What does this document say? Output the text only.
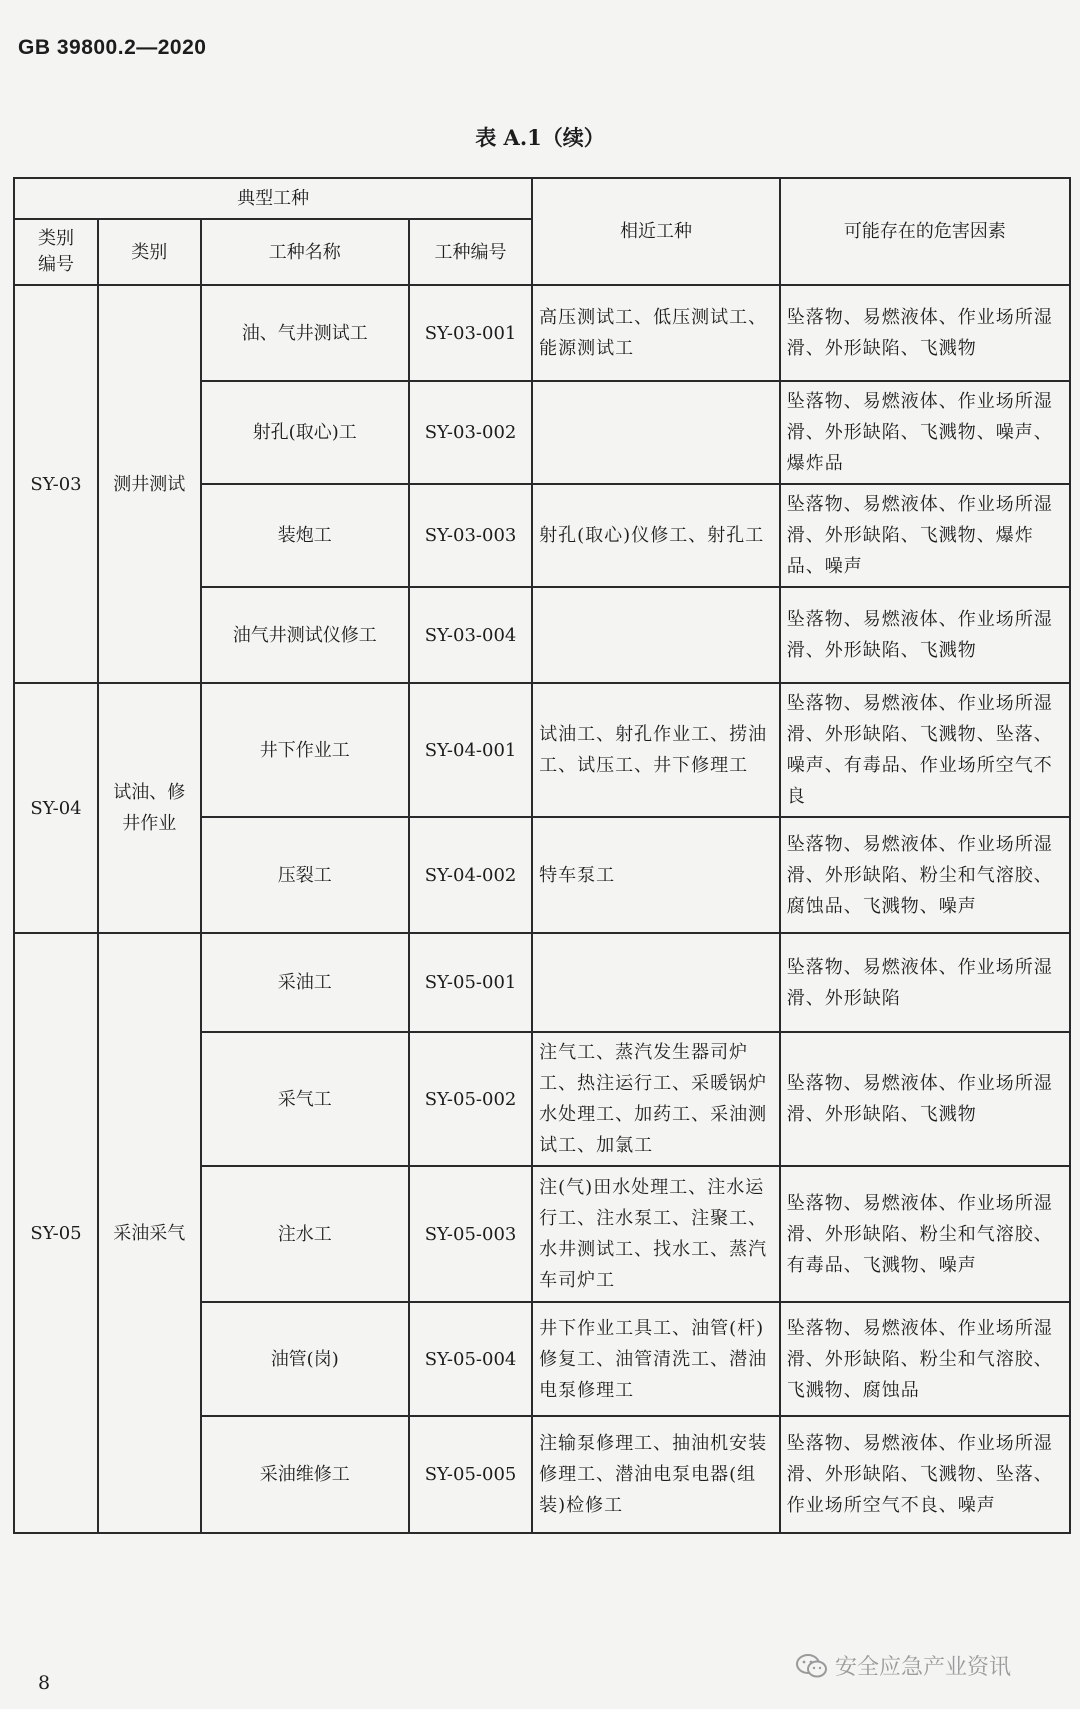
GB 39800.2—2020
表 A.1（续）
典型工种				相近工种	可能存在的危害因素
类别
编号	类别	工种名称	工种编号		
SY-03	测井测试	油、气井测试工	SY-03-001	高压测试工、低压测试工、能源测试工	坠落物、易燃液体、作业场所湿滑、外形缺陷、飞溅物
		射孔(取心)工	SY-03-002		坠落物、易燃液体、作业场所湿滑、外形缺陷、飞溅物、噪声、爆炸品
		装炮工	SY-03-003	射孔(取心)仪修工、射孔工	坠落物、易燃液体、作业场所湿滑、外形缺陷、飞溅物、爆炸品、噪声
		油气井测试仪修工	SY-03-004		坠落物、易燃液体、作业场所湿滑、外形缺陷、飞溅物
SY-04	试油、修井作业	井下作业工	SY-04-001	试油工、射孔作业工、捞油工、试压工、井下修理工	坠落物、易燃液体、作业场所湿滑、外形缺陷、飞溅物、坠落、噪声、有毒品、作业场所空气不良
		压裂工	SY-04-002	特车泵工	坠落物、易燃液体、作业场所湿滑、外形缺陷、粉尘和气溶胶、腐蚀品、飞溅物、噪声
SY-05	采油采气	采油工	SY-05-001		坠落物、易燃液体、作业场所湿滑、外形缺陷
		采气工	SY-05-002	注气工、蒸汽发生器司炉工、热注运行工、采暖锅炉水处理工、加药工、采油测试工、加氯工	坠落物、易燃液体、作业场所湿滑、外形缺陷、飞溅物
		注水工	SY-05-003	注(气)田水处理工、注水运行工、注水泵工、注聚工、水井测试工、找水工、蒸汽车司炉工	坠落物、易燃液体、作业场所湿滑、外形缺陷、粉尘和气溶胶、有毒品、飞溅物、噪声
		油管(岗)	SY-05-004	井下作业工具工、油管(杆)修复工、油管清洗工、潜油电泵修理工	坠落物、易燃液体、作业场所湿滑、外形缺陷、粉尘和气溶胶、飞溅物、腐蚀品
		采油维修工	SY-05-005	注输泵修理工、抽油机安装修理工、潜油电泵电器(组装)检修工	坠落物、易燃液体、作业场所湿滑、外形缺陷、飞溅物、坠落、作业场所空气不良、噪声
8
安全应急产业资讯
